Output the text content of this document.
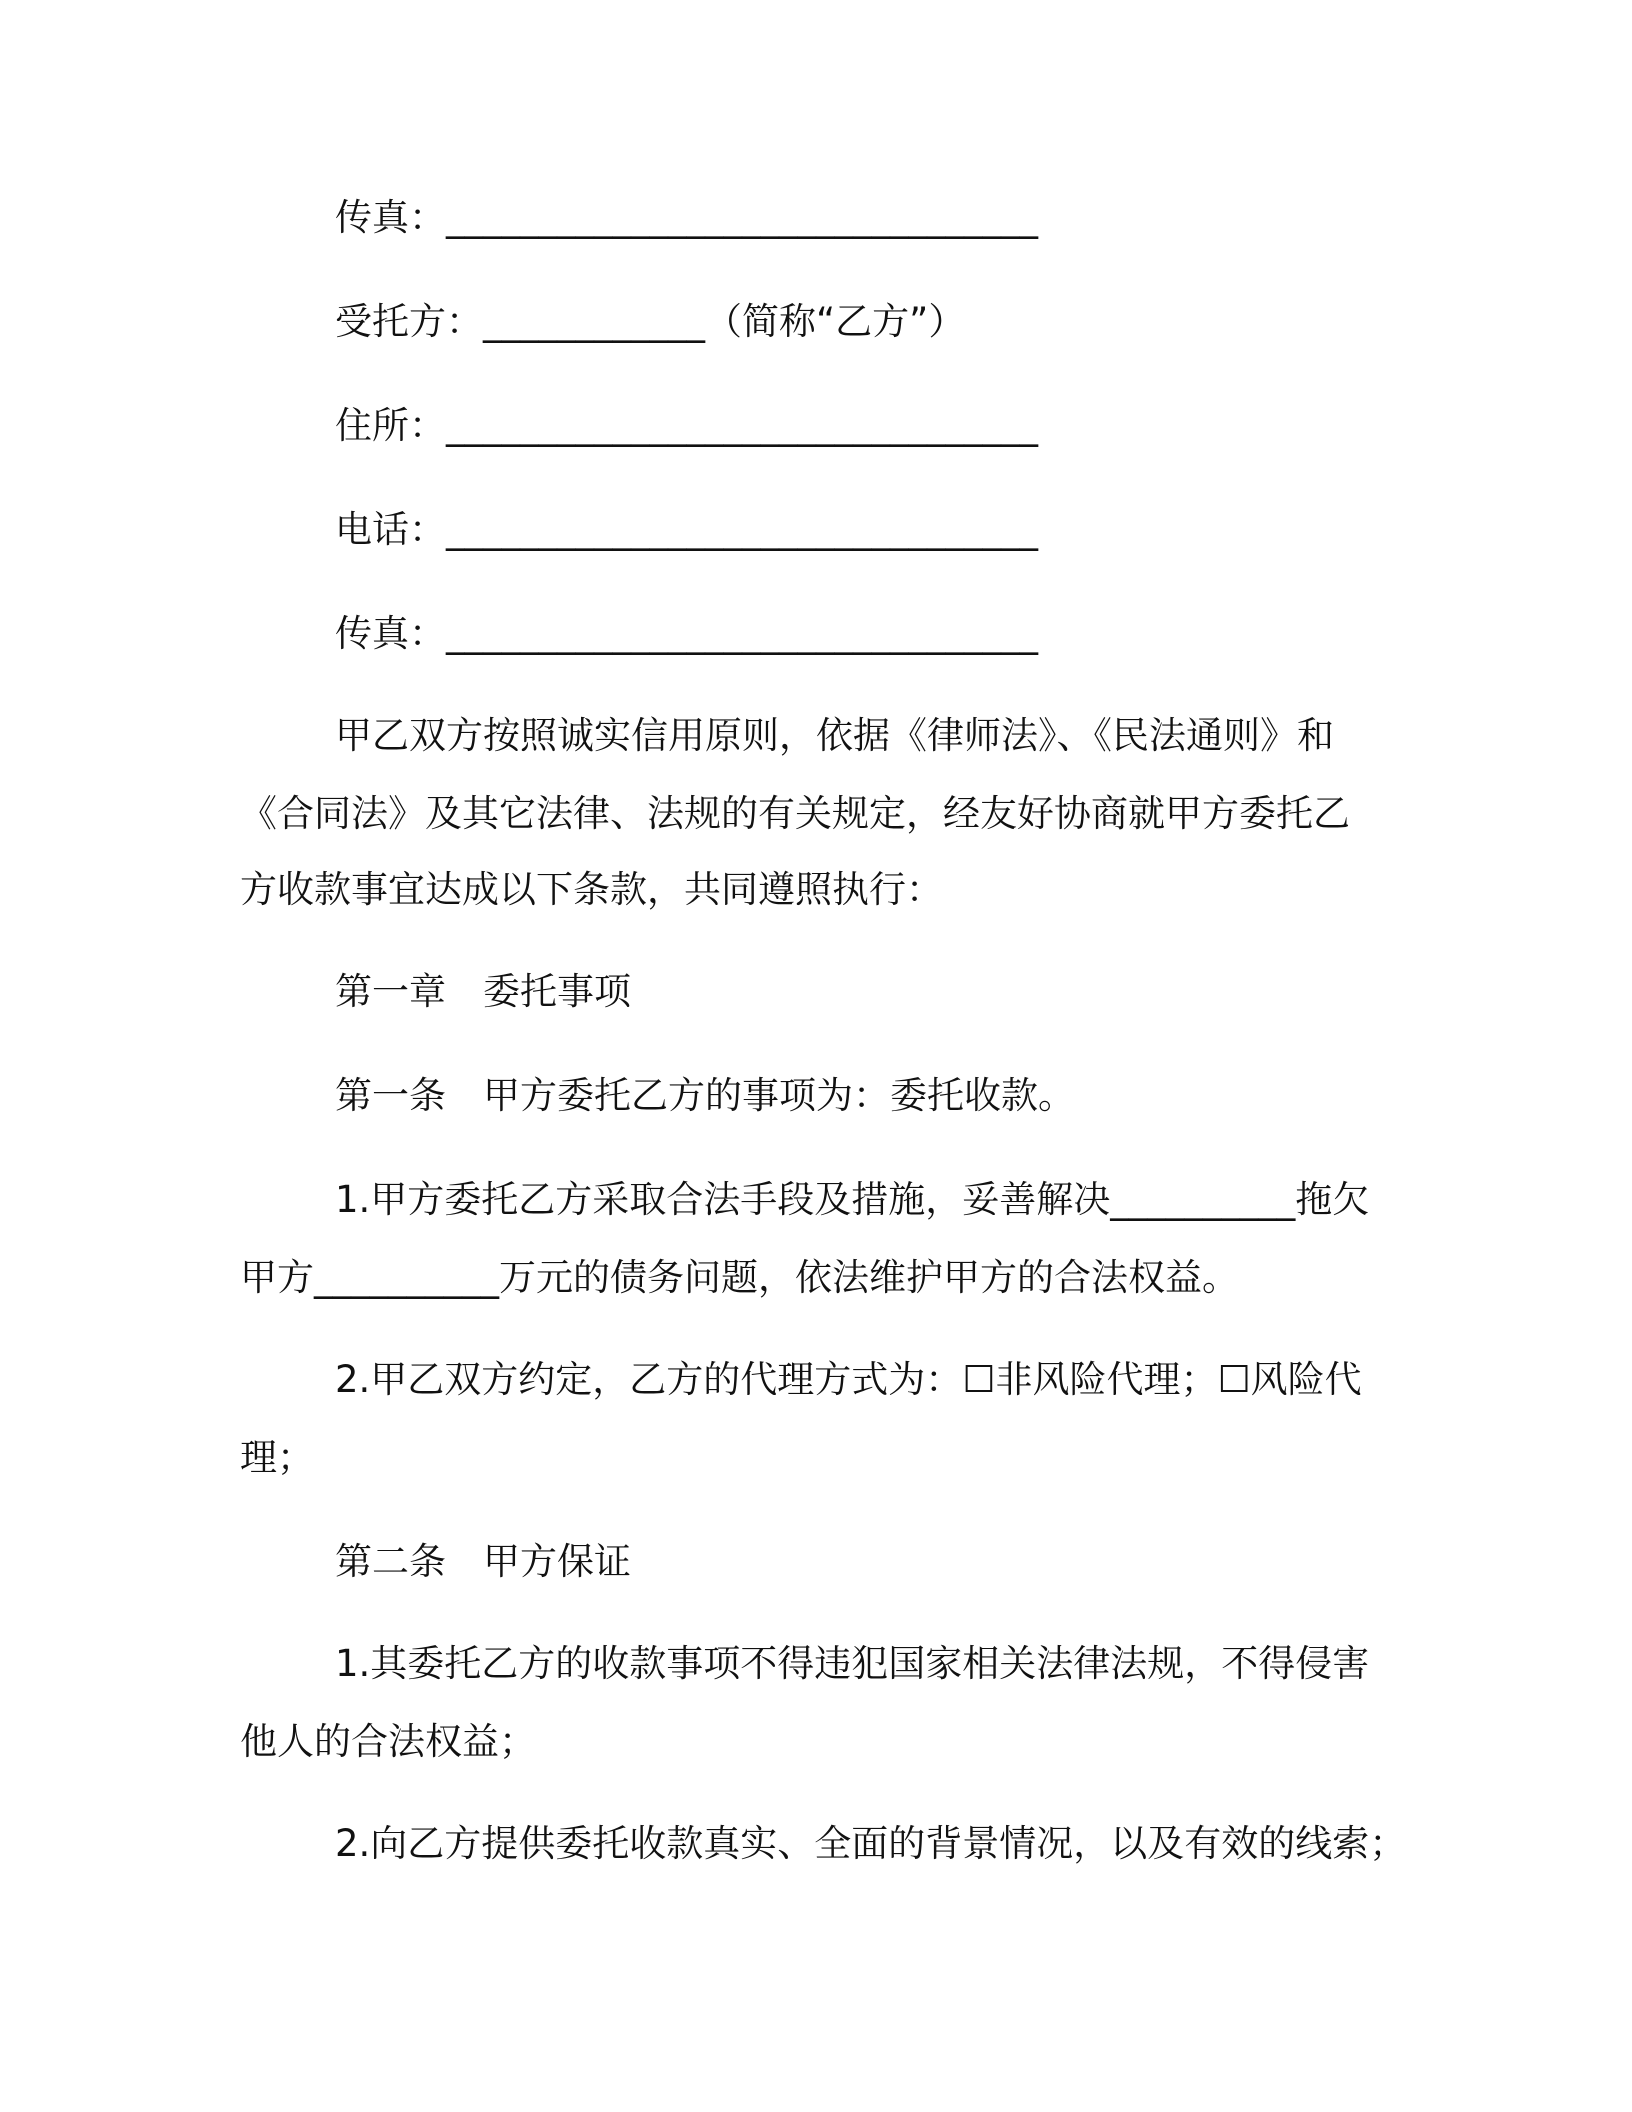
传真：________________________________
受托方：____________（简称“乙方”）
住所：________________________________
电话：________________________________
传真：________________________________
甲乙双方按照诚实信用原则，依据《律师法》、《民法通则》和
《合同法》及其它法律、法规的有关规定，经友好协商就甲方委托乙
方收款事宜达成以下条款，共同遵照执行：
第一章　委托事项
第一条　甲方委托乙方的事项为：委托收款。
1.甲方委托乙方采取合法手段及措施，妥善解决__________拖欠
甲方__________万元的债务问题，依法维护甲方的合法权益。
2.甲乙双方约定，乙方的代理方式为：☐非风险代理；☐风险代
理；
第二条　甲方保证
1.其委托乙方的收款事项不得违犯国家相关法律法规，不得侵害
他人的合法权益；
2.向乙方提供委托收款真实、全面的背景情况，以及有效的线索；
